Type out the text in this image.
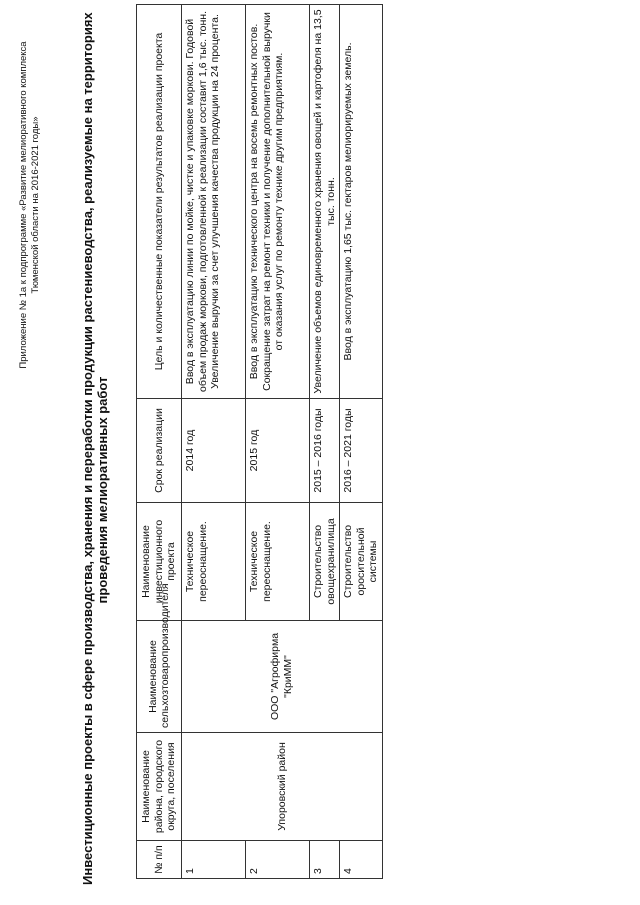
Приложение № 1а к подпрограмме «Развитие мелиоративного комплекса Тюменской области на 2016-2021 годы»	Инвестиционные проекты в сфере производства, хранения и переработки продукции растениеводства, реализуемые на территориях проведения мелиоративных работ
№ п/п	Наименование района, городского округа, поселения	Наименование сельхозтоваропроизводителя	Наименование инвестиционного проекта	Срок реализации	Цель и количественные показатели результатов реализации проекта
1	Упоровский район	ООО "Агрофирма "КриММ"	Техническое переоснащение.	2014 год	Ввод в эксплуатацию линии по мойке, чистке и упаковке моркови. Годовой объем продаж моркови, подготовленной к реализации составит 1,6 тыс. тонн. Увеличение выручки за счет улучшения качества продукции на 24 процента.
2			Техническое переоснащение.	2015 год	Ввод в эксплуатацию технического центра на восемь ремонтных постов. Сокращение затрат на ремонт техники и получение дополнительной выручки от оказания услуг по ремонту технике другим предприятиям.
3			Строительство овощехранилища	2015 – 2016 годы	Увеличение объемов единовременного хранения овощей и картофеля на 13,5 тыс. тонн.
4			Строительство оросительной системы	2016 – 2021 годы	Ввод в эксплуатацию 1,65 тыс. гектаров мелиорируемых земель.
